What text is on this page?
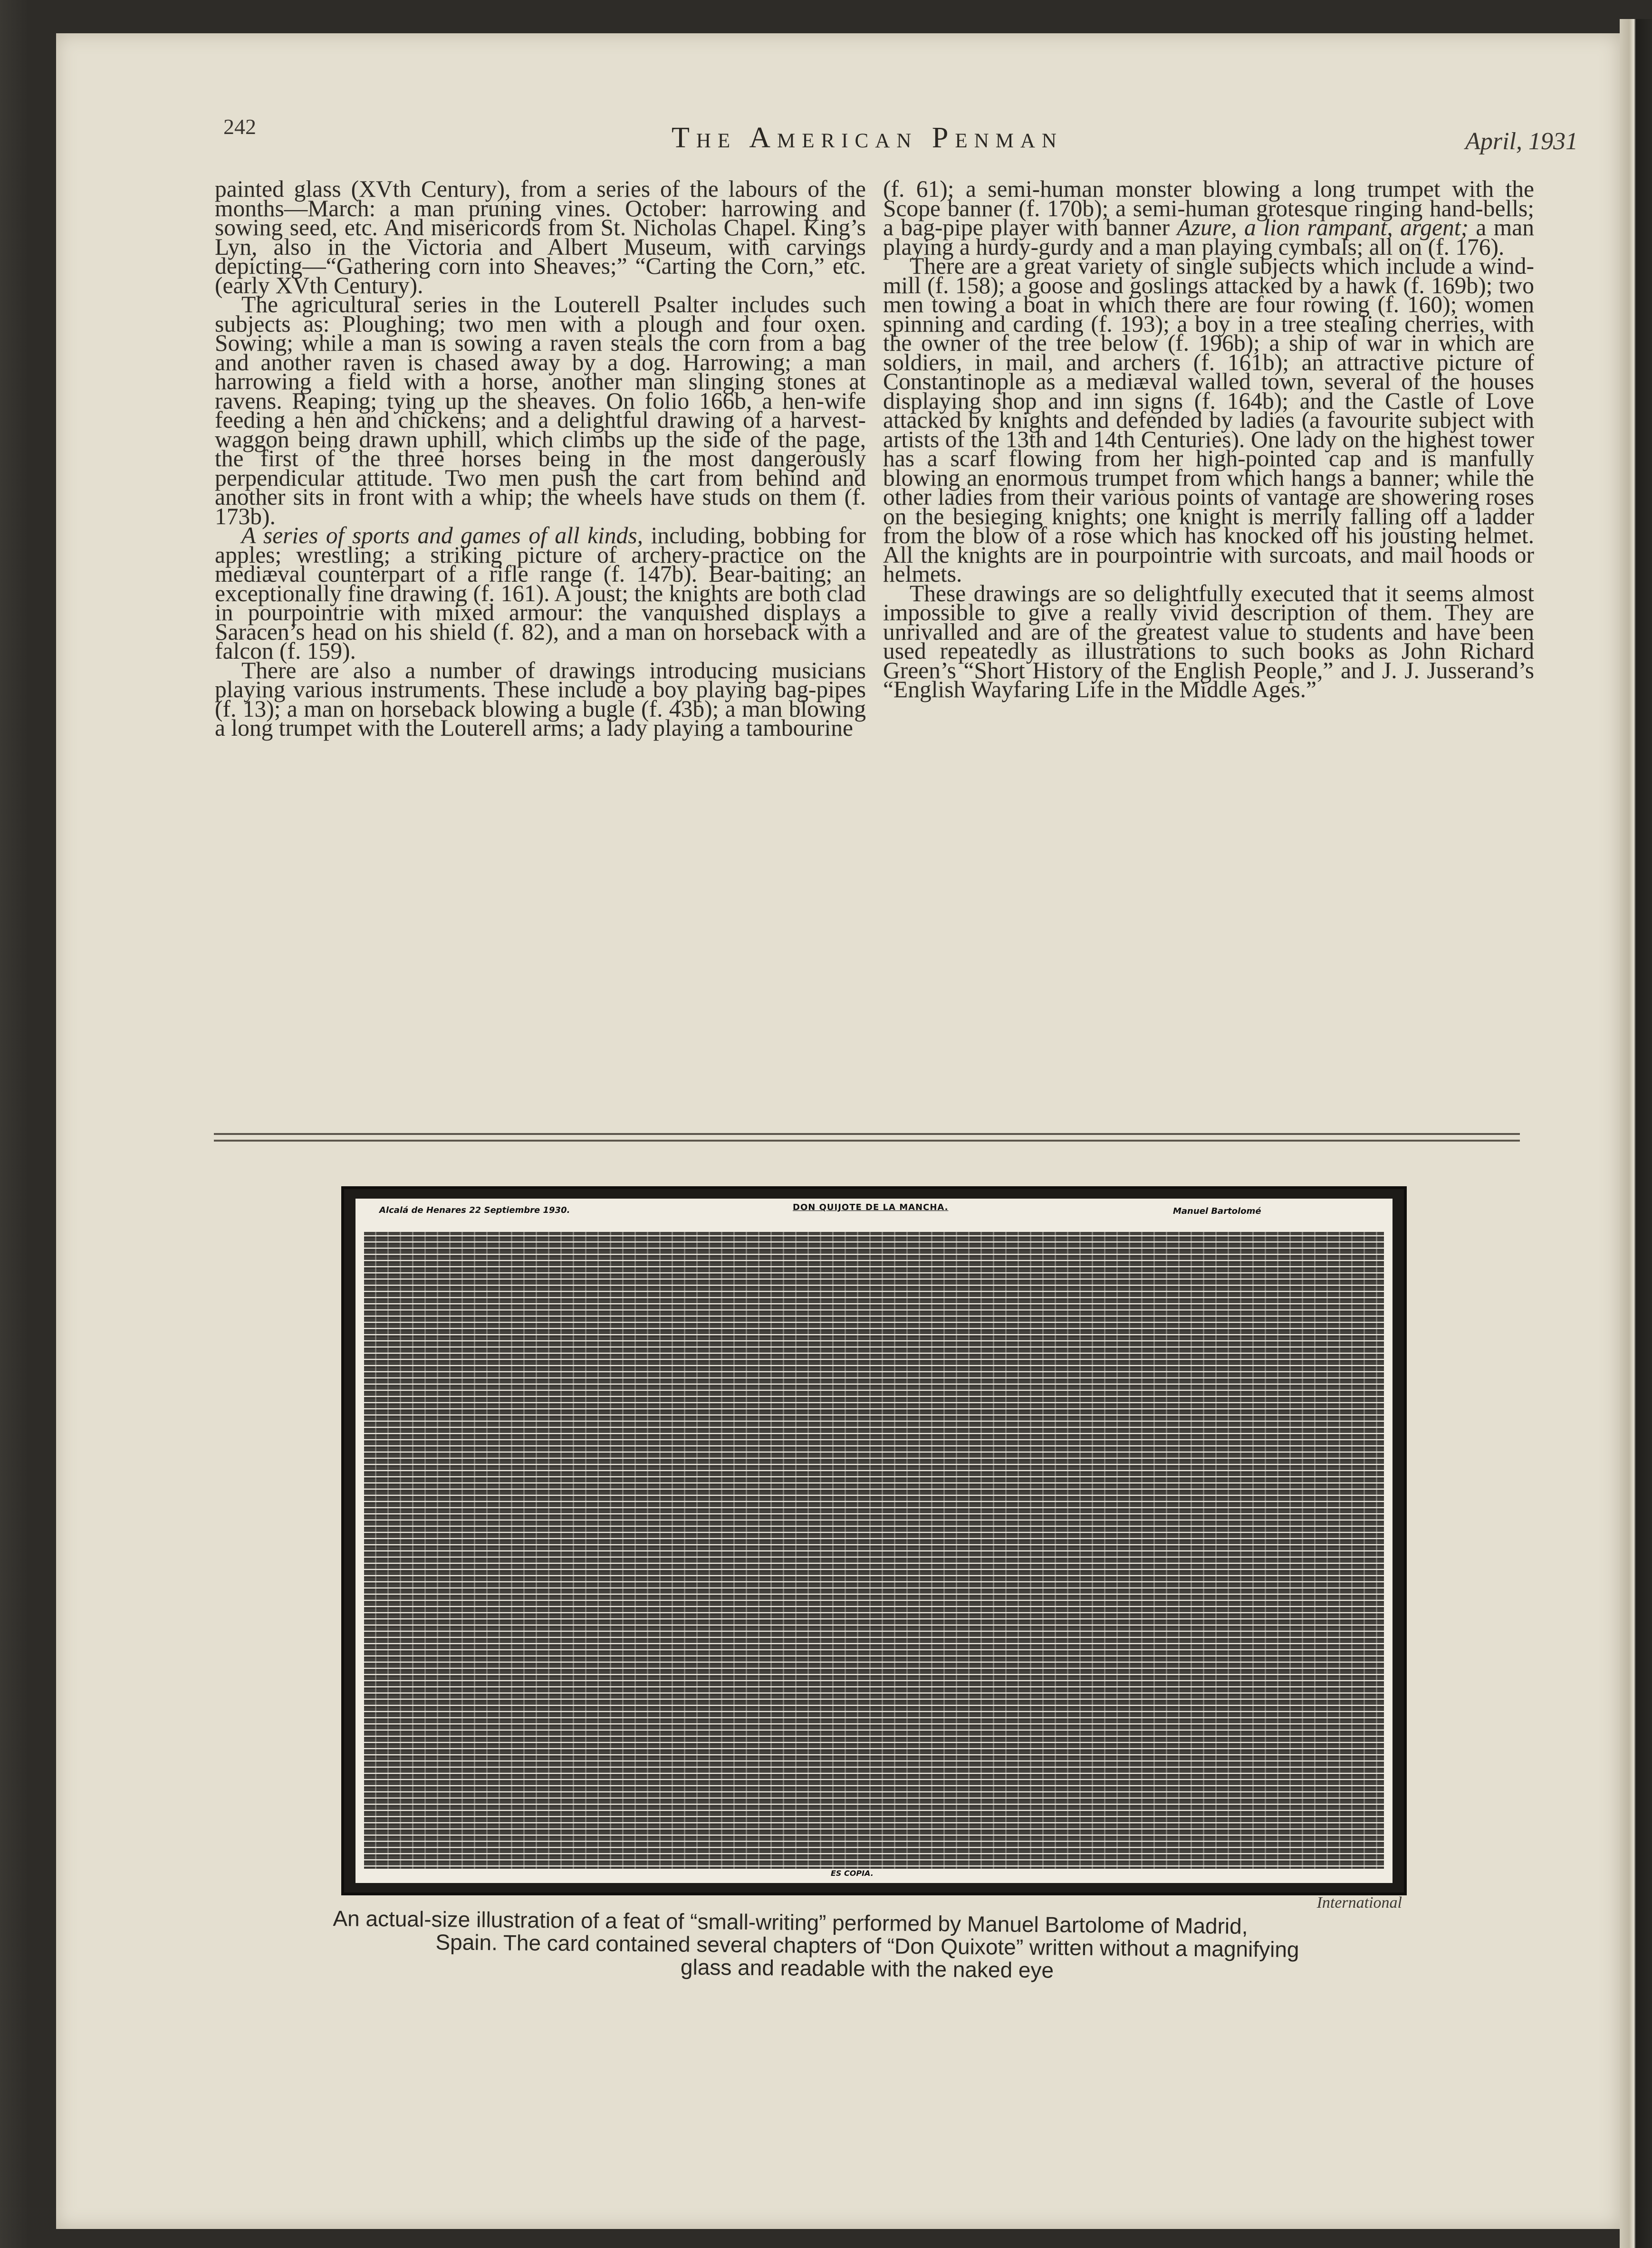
242	The American Penman	April, 1931

painted glass (XVth Century), from a series of the labours of the months—March: a man pruning vines. October: harrowing and sowing seed, etc. And misericords from St. Nicholas Chapel. King’s Lyn, also in the Victoria and Albert Museum, with carvings depicting—“Gathering corn into Sheaves;” “Carting the Corn,” etc. (early XVth Century).

The agricultural series in the Louterell Psalter includes such subjects as: Ploughing; two men with a plough and four oxen. Sowing; while a man is sowing a raven steals the corn from a bag and another raven is chased away by a dog. Harrowing; a man harrowing a field with a horse, another man slinging stones at ravens. Reaping; tying up the sheaves. On folio 166b, a hen-wife feeding a hen and chickens; and a delightful drawing of a harvest-waggon being drawn uphill, which climbs up the side of the page, the first of the three horses being in the most dangerously perpendicular attitude. Two men push the cart from behind and another sits in front with a whip; the wheels have studs on them (f. 173b).

A series of sports and games of all kinds, including, bobbing for apples; wrestling; a striking picture of archery-practice on the mediæval counterpart of a rifle range (f. 147b). Bear-baiting; an exceptionally fine drawing (f. 161). A joust; the knights are both clad in pourpointrie with mixed armour: the vanquished displays a Saracen’s head on his shield (f. 82), and a man on horseback with a falcon (f. 159).

There are also a number of drawings introducing musicians playing various instruments. These include a boy playing bag-pipes (f. 13); a man on horseback blowing a bugle (f. 43b); a man blowing a long trumpet with the Louterell arms; a lady playing a tambourine

(f. 61); a semi-human monster blowing a long trumpet with the Scope banner (f. 170b); a semi-human grotesque ringing hand-bells; a bag-pipe player with banner Azure, a lion rampant, argent; a man playing a hurdy-gurdy and a man playing cymbals; all on (f. 176).

There are a great variety of single subjects which include a wind-mill (f. 158); a goose and goslings attacked by a hawk (f. 169b); two men towing a boat in which there are four rowing (f. 160); women spinning and carding (f. 193); a boy in a tree stealing cherries, with the owner of the tree below (f. 196b); a ship of war in which are soldiers, in mail, and archers (f. 161b); an attractive picture of Constantinople as a mediæval walled town, several of the houses displaying shop and inn signs (f. 164b); and the Castle of Love attacked by knights and defended by ladies (a favourite subject with artists of the 13th and 14th Centuries). One lady on the highest tower has a scarf flowing from her high-pointed cap and is manfully blowing an enormous trumpet from which hangs a banner; while the other ladies from their various points of vantage are showering roses on the besieging knights; one knight is merrily falling off a ladder from the blow of a rose which has knocked off his jousting helmet. All the knights are in pourpointrie with surcoats, and mail hoods or helmets.

These drawings are so delightfully executed that it seems almost impossible to give a really vivid description of them. They are unrivalled and are of the greatest value to students and have been used repeatedly as illustrations to such books as John Richard Green’s “Short History of the English People,” and J. J. Jusserand’s “English Wayfaring Life in the Middle Ages.”

Alcalá de Henares 22 Septiembre 1930.	DON QUIJOTE DE LA MANCHA.	Manuel Bartolomé
ES COPIA.
International
An actual-size illustration of a feat of “small-writing” performed by Manuel Bartolome of Madrid,
Spain. The card contained several chapters of “Don Quixote” written without a magnifying
glass and readable with the naked eye
